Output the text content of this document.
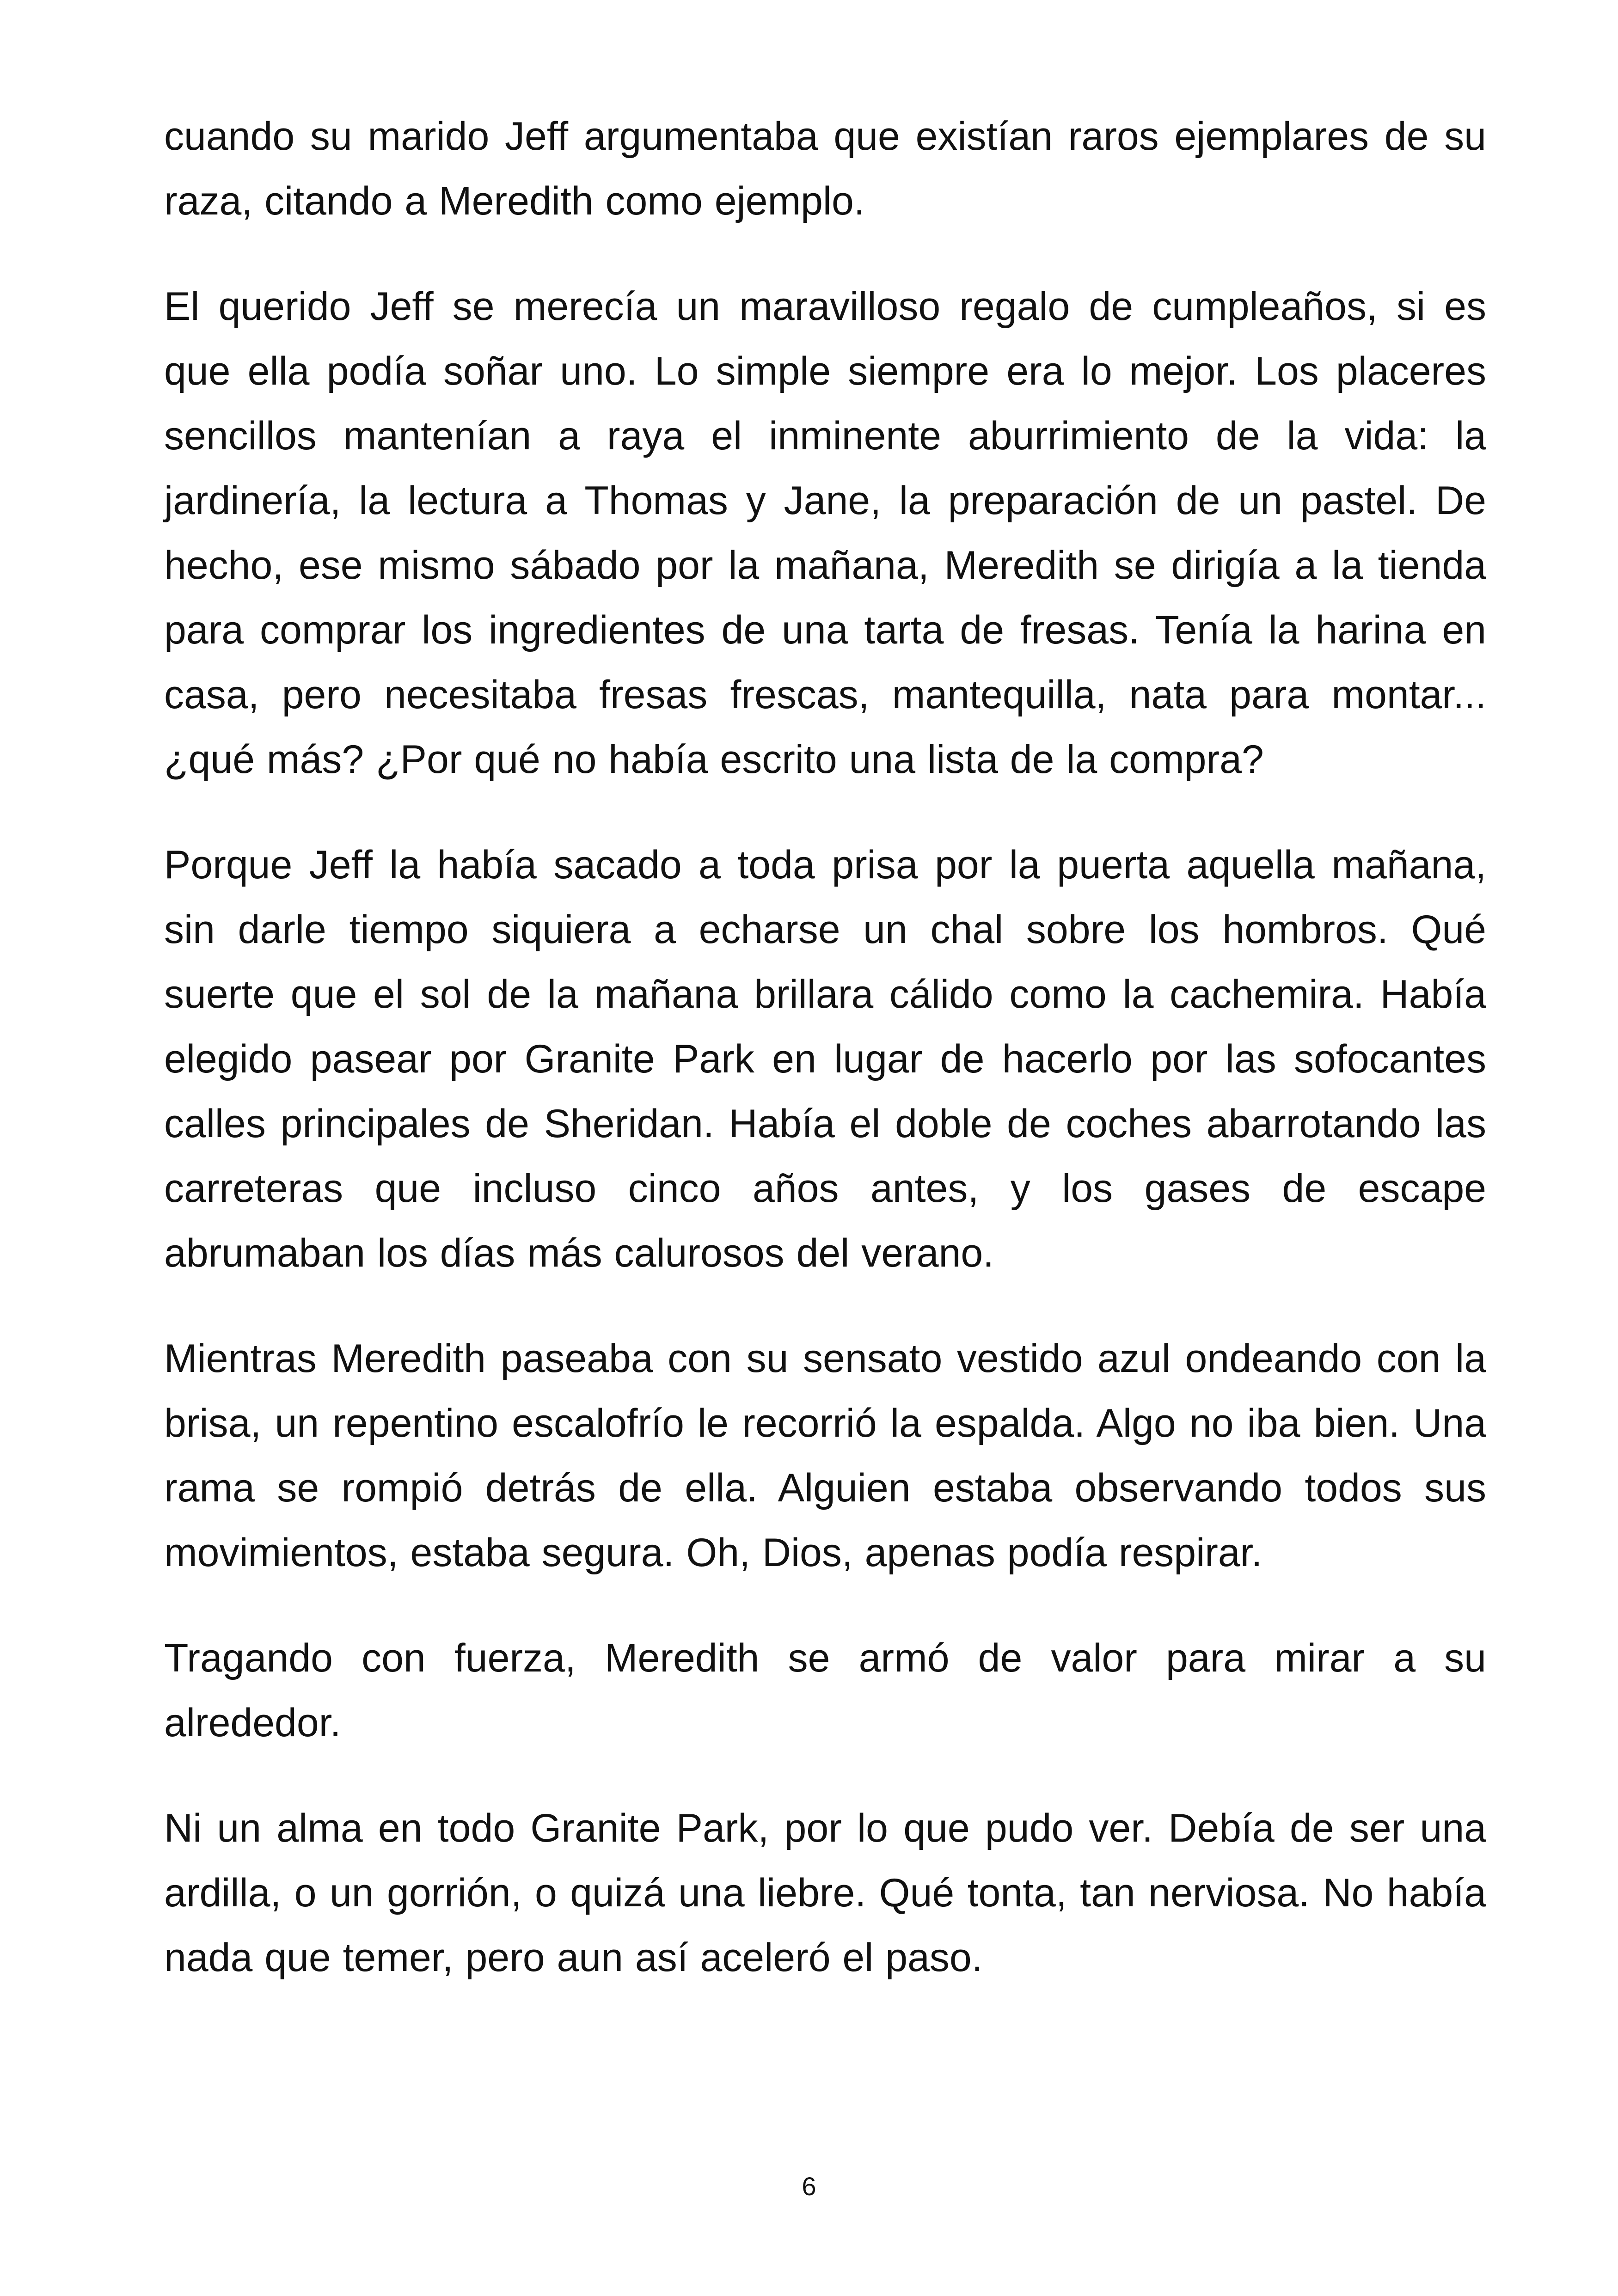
cuando su marido Jeff argumentaba que existían raros ejemplares de su raza, citando a Meredith como ejemplo.

El querido Jeff se merecía un maravilloso regalo de cumpleaños, si es que ella podía soñar uno. Lo simple siempre era lo mejor. Los placeres sencillos mantenían a raya el inminente aburrimiento de la vida: la jardinería, la lectura a Thomas y Jane, la preparación de un pastel. De hecho, ese mismo sábado por la mañana, Meredith se dirigía a la tienda para comprar los ingredientes de una tarta de fresas. Tenía la harina en casa, pero necesitaba fresas frescas, mantequilla, nata para montar... ¿qué más? ¿Por qué no había escrito una lista de la compra?

Porque Jeff la había sacado a toda prisa por la puerta aquella mañana, sin darle tiempo siquiera a echarse un chal sobre los hombros. Qué suerte que el sol de la mañana brillara cálido como la cachemira. Había elegido pasear por Granite Park en lugar de hacerlo por las sofocantes calles principales de Sheridan. Había el doble de coches abarrotando las carreteras que incluso cinco años antes, y los gases de escape abrumaban los días más calurosos del verano.

Mientras Meredith paseaba con su sensato vestido azul ondeando con la brisa, un repentino escalofrío le recorrió la espalda. Algo no iba bien. Una rama se rompió detrás de ella. Alguien estaba observando todos sus movimientos, estaba segura. Oh, Dios, apenas podía respirar.

Tragando con fuerza, Meredith se armó de valor para mirar a su alrededor.

Ni un alma en todo Granite Park, por lo que pudo ver. Debía de ser una ardilla, o un gorrión, o quizá una liebre. Qué tonta, tan nerviosa. No había nada que temer, pero aun así aceleró el paso.

6
